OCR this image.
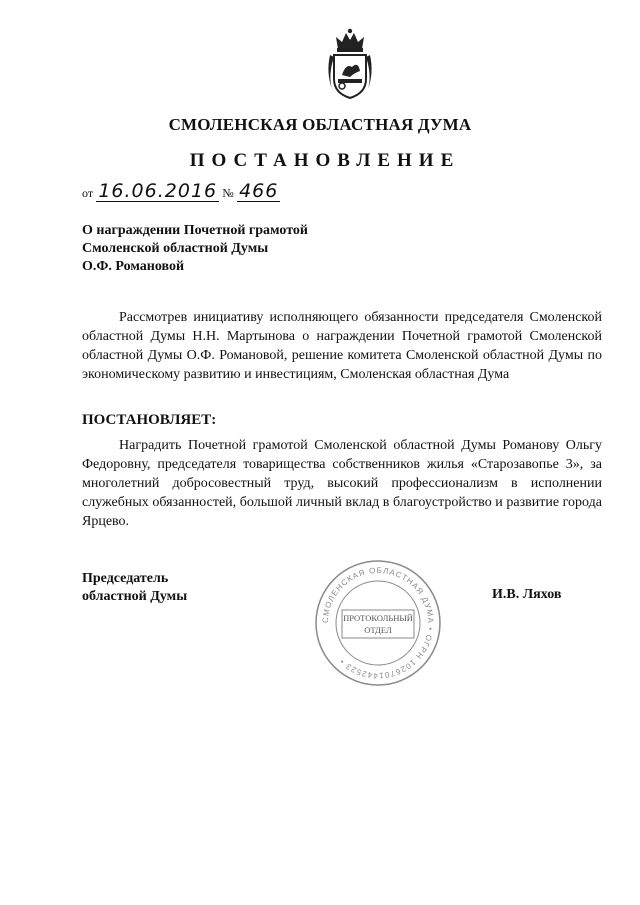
СМОЛЕНСКАЯ ОБЛАСТНАЯ ДУМА
ПОСТАНОВЛЕНИЕ
от 16.06.2016 № 466
О награждении Почетной грамотой
Смоленской областной Думы
О.Ф. Романовой
Рассмотрев инициативу исполняющего обязанности председателя Смоленской областной Думы Н.Н. Мартынова о награждении Почетной грамотой Смоленской областной Думы О.Ф. Романовой, решение комитета Смоленской областной Думы по экономическому развитию и инвестициям, Смоленская областная Дума
ПОСТАНОВЛЯЕТ:
Наградить Почетной грамотой Смоленской областной Думы Романову Ольгу Федоровну, председателя товарищества собственников жилья «Старозавопье 3», за многолетний добросовестный труд, высокий профессионализм в исполнении служебных обязанностей, большой личный вклад в благоустройство и развитие города Ярцево.
Председатель
областной Думы
СМОЛЕНСКАЯ ОБЛАСТНАЯ ДУМА • ОГРН 1026701442523 •
ПРОТОКОЛЬНЫЙ
ОТДЕЛ
И.В. Ляхов
